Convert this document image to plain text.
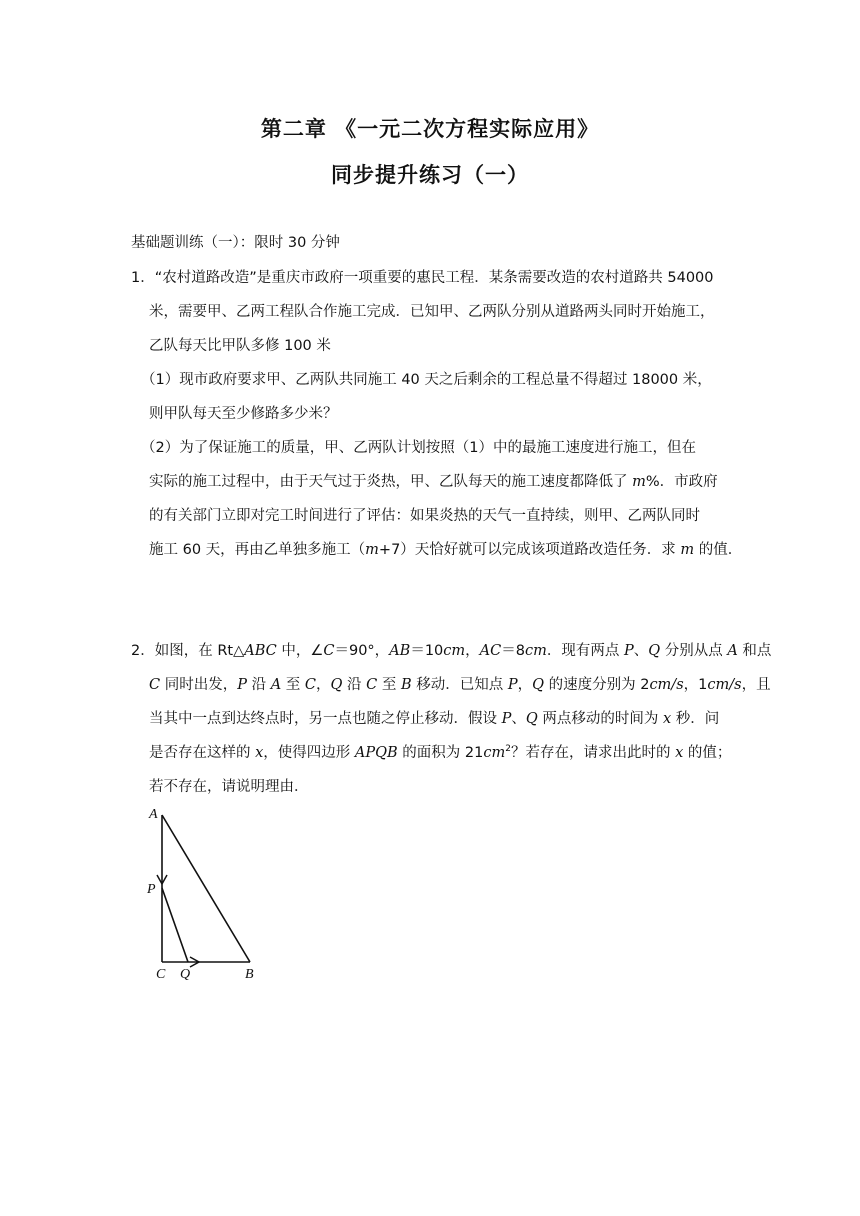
第二章 《一元二次方程实际应用》
同步提升练习（一）
基础题训练（一）：限时 30 分钟
1．“农村道路改造”是重庆市政府一项重要的惠民工程．某条需要改造的农村道路共 54000
米，需要甲、乙两工程队合作施工完成．已知甲、乙两队分别从道路两头同时开始施工，
乙队每天比甲队多修 100 米
（1）现市政府要求甲、乙两队共同施工 40 天之后剩余的工程总量不得超过 18000 米，
则甲队每天至少修路多少米？
（2）为了保证施工的质量，甲、乙两队计划按照（1）中的最施工速度进行施工，但在
实际的施工过程中，由于天气过于炎热，甲、乙队每天的施工速度都降低了 m%．市政府
的有关部门立即对完工时间进行了评估：如果炎热的天气一直持续，则甲、乙两队同时
施工 60 天，再由乙单独多施工（m+7）天恰好就可以完成该项道路改造任务．求 m 的值．
2．如图，在 Rt△ABC 中，∠C＝90°，AB＝10cm，AC＝8cm．现有两点 P、Q 分别从点 A 和点
C 同时出发，P 沿 A 至 C，Q 沿 C 至 B 移动．已知点 P，Q 的速度分别为 2cm/s，1cm/s，且
当其中一点到达终点时，另一点也随之停止移动．假设 P、Q 两点移动的时间为 x 秒．问
是否存在这样的 x，使得四边形 APQB 的面积为 $21cm^2$？若存在，请求出此时的 x 的值；
若不存在，请说明理由．
A
P
C Q	B
